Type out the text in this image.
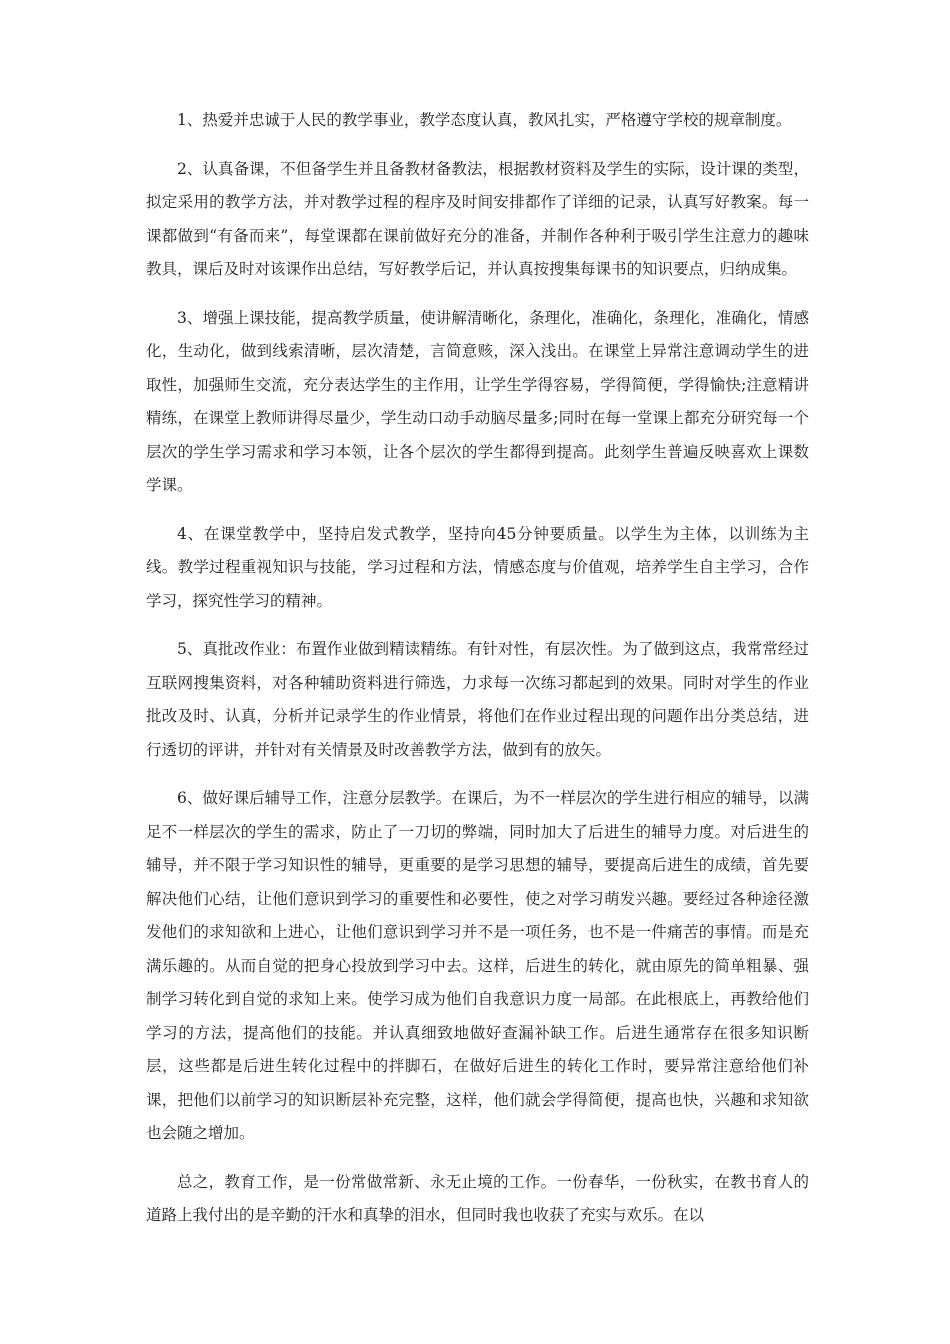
1、热爱并忠诚于人民的教学事业，教学态度认真，教风扎实，严格遵守学校的规章制度。

2、认真备课，不但备学生并且备教材备教法，根据教材资料及学生的实际，设计课的类型，拟定采用的教学方法，并对教学过程的程序及时间安排都作了详细的记录，认真写好教案。每一课都做到“有备而来”，每堂课都在课前做好充分的准备，并制作各种利于吸引学生注意力的趣味教具，课后及时对该课作出总结，写好教学后记，并认真按搜集每课书的知识要点，归纳成集。

3、增强上课技能，提高教学质量，使讲解清晰化，条理化，准确化，条理化，准确化，情感化，生动化，做到线索清晰，层次清楚，言简意赅，深入浅出。在课堂上异常注意调动学生的进取性，加强师生交流，充分表达学生的主作用，让学生学得容易，学得简便，学得愉快;注意精讲精练，在课堂上教师讲得尽量少，学生动口动手动脑尽量多;同时在每一堂课上都充分研究每一个层次的学生学习需求和学习本领，让各个层次的学生都得到提高。此刻学生普遍反映喜欢上课数学课。

4、在课堂教学中，坚持启发式教学，坚持向45分钟要质量。以学生为主体，以训练为主线。教学过程重视知识与技能，学习过程和方法，情感态度与价值观，培养学生自主学习，合作学习，探究性学习的精神。

5、真批改作业：布置作业做到精读精练。有针对性，有层次性。为了做到这点，我常常经过互联网搜集资料，对各种辅助资料进行筛选，力求每一次练习都起到的效果。同时对学生的作业批改及时、认真，分析并记录学生的作业情景，将他们在作业过程出现的问题作出分类总结，进行透切的评讲，并针对有关情景及时改善教学方法，做到有的放矢。

6、做好课后辅导工作，注意分层教学。在课后，为不一样层次的学生进行相应的辅导，以满足不一样层次的学生的需求，防止了一刀切的弊端，同时加大了后进生的辅导力度。对后进生的辅导，并不限于学习知识性的辅导，更重要的是学习思想的辅导，要提高后进生的成绩，首先要解决他们心结，让他们意识到学习的重要性和必要性，使之对学习萌发兴趣。要经过各种途径激发他们的求知欲和上进心，让他们意识到学习并不是一项任务，也不是一件痛苦的事情。而是充满乐趣的。从而自觉的把身心投放到学习中去。这样，后进生的转化，就由原先的简单粗暴、强制学习转化到自觉的求知上来。使学习成为他们自我意识力度一局部。在此根底上，再教给他们学习的方法，提高他们的技能。并认真细致地做好查漏补缺工作。后进生通常存在很多知识断层，这些都是后进生转化过程中的拌脚石，在做好后进生的转化工作时，要异常注意给他们补课，把他们以前学习的知识断层补充完整，这样，他们就会学得简便，提高也快，兴趣和求知欲也会随之增加。

总之，教育工作，是一份常做常新、永无止境的工作。一份春华，一份秋实，在教书育人的道路上我付出的是辛勤的汗水和真挚的泪水，但同时我也收获了充实与欢乐。在以
